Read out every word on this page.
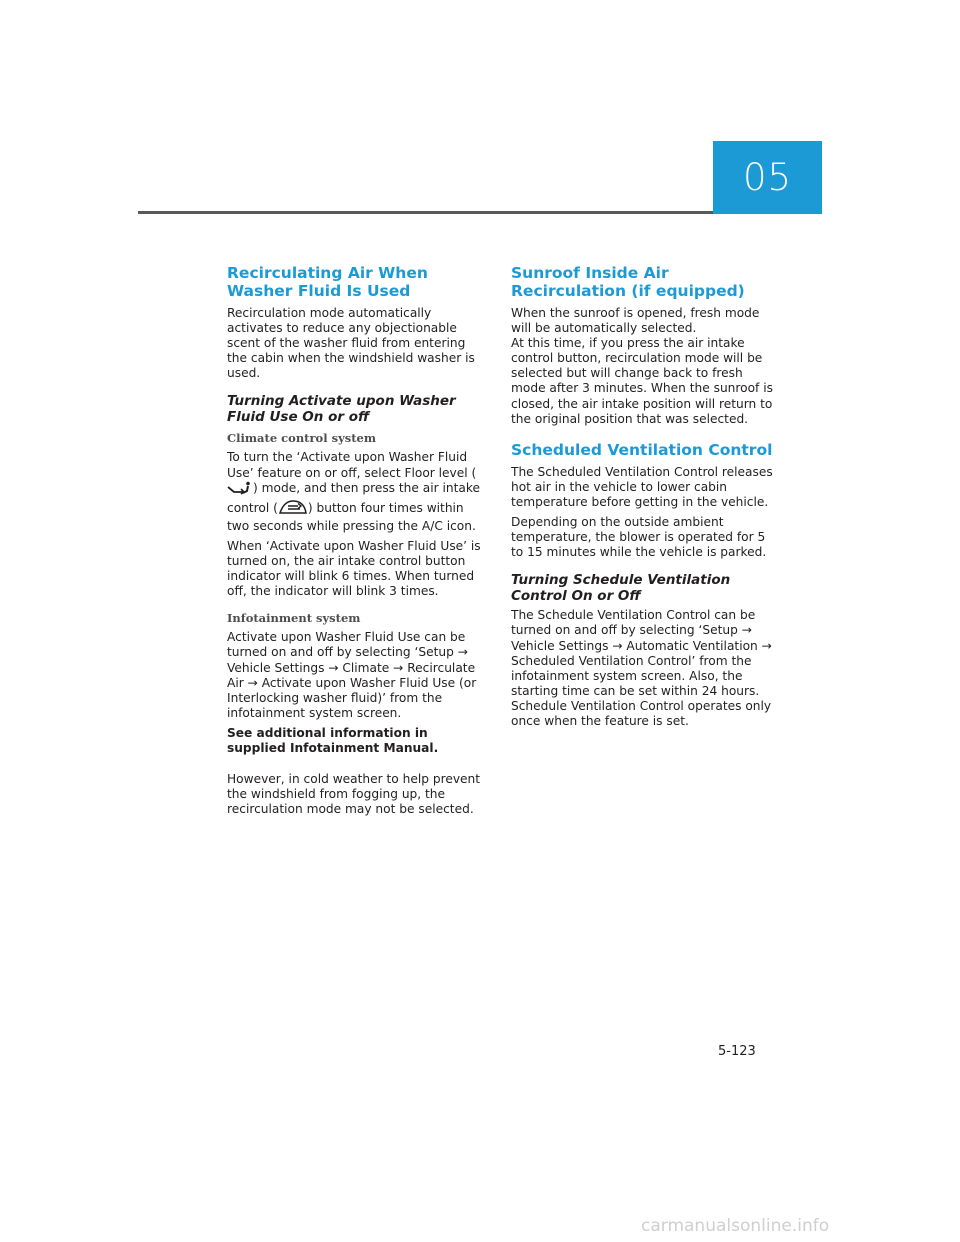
05
Recirculating Air When Washer Fluid Is Used

Recirculation mode automatically activates to reduce any objectionable scent of the washer fluid from entering the cabin when the windshield washer is used.

Turning Activate upon Washer Fluid Use On or off
Climate control system

To turn the ‘Activate upon Washer Fluid Use’ feature on or off, select Floor level () mode, and then press the air intake control ( ) button four times within two seconds while pressing the A/C icon.

When ‘Activate upon Washer Fluid Use’ is turned on, the air intake control button indicator will blink 6 times. When turned off, the indicator will blink 3 times.

Infotainment system

Activate upon Washer Fluid Use can be turned on and off by selecting ‘Setup → Vehicle Settings → Climate → Recirculate Air → Activate upon Washer Fluid Use (or Interlocking washer fluid)’ from the infotainment system screen.

See additional information in supplied Infotainment Manual.

However, in cold weather to help prevent the windshield from fogging up, the recirculation mode may not be selected.

Sunroof Inside Air Recirculation (if equipped)

When the sunroof is opened, fresh mode will be automatically selected.

At this time, if you press the air intake control button, recirculation mode will be selected but will change back to fresh mode after 3 minutes. When the sunroof is closed, the air intake position will return to the original position that was selected.

Scheduled Ventilation Control

The Scheduled Ventilation Control releases hot air in the vehicle to lower cabin temperature before getting in the vehicle.

Depending on the outside ambient temperature, the blower is operated for 5 to 15 minutes while the vehicle is parked.

Turning Schedule Ventilation Control On or Off

The Schedule Ventilation Control can be turned on and off by selecting ‘Setup → Vehicle Settings → Automatic Ventilation → Scheduled Ventilation Control’ from the infotainment system screen. Also, the starting time can be set within 24 hours. Schedule Ventilation Control operates only once when the feature is set.

5-123
carmanualsonline.info
